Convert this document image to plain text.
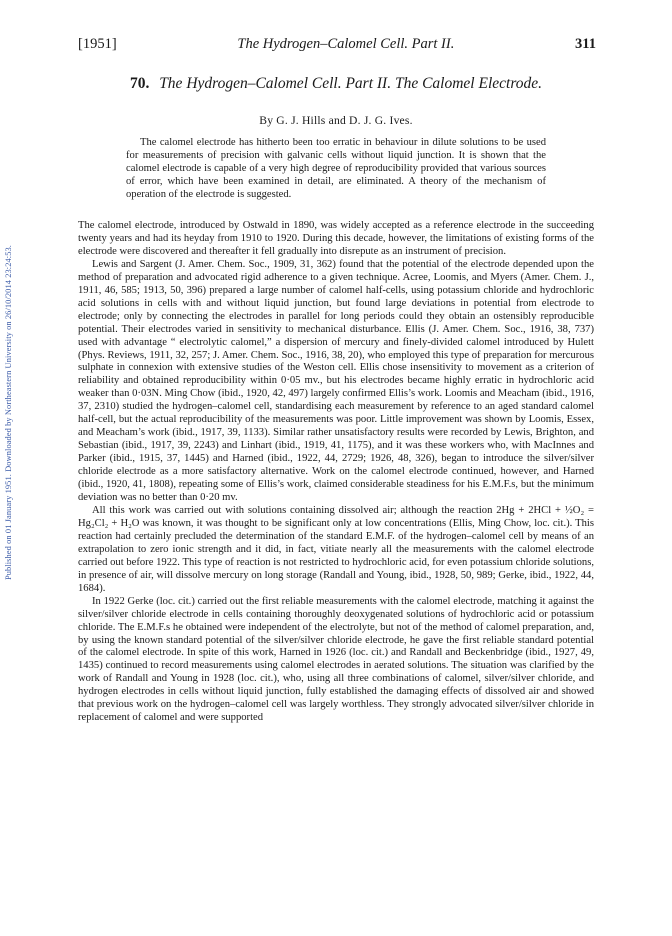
Published on 01 January 1951. Downloaded by Northeastern University on 26/10/2014 23:24:53.
[1951]	The Hydrogen–Calomel Cell. Part II.	311
70. The Hydrogen–Calomel Cell. Part II. The Calomel Electrode.
By G. J. Hills and D. J. G. Ives.

The calomel electrode has hitherto been too erratic in behaviour in dilute solutions to be used for measurements of precision with galvanic cells without liquid junction. It is shown that the calomel electrode is capable of a very high degree of reproducibility provided that various sources of error, which have been examined in detail, are eliminated. A theory of the mechanism of operation of the electrode is suggested.

The calomel electrode, introduced by Ostwald in 1890, was widely accepted as a reference electrode in the succeeding twenty years and had its heyday from 1910 to 1920. During this decade, however, the limitations of existing forms of the electrode were discovered and thereafter it fell gradually into disrepute as an instrument of precision.

Lewis and Sargent (J. Amer. Chem. Soc., 1909, 31, 362) found that the potential of the electrode depended upon the method of preparation and advocated rigid adherence to a given technique. Acree, Loomis, and Myers (Amer. Chem. J., 1911, 46, 585; 1913, 50, 396) prepared a large number of calomel half-cells, using potassium chloride and hydrochloric acid solutions in cells with and without liquid junction, but found large deviations in potential from electrode to electrode; only by connecting the electrodes in parallel for long periods could they obtain an ostensibly reproducible potential. Their electrodes varied in sensitivity to mechanical disturbance. Ellis (J. Amer. Chem. Soc., 1916, 38, 737) used with advantage “ electrolytic calomel,” a dispersion of mercury and finely-divided calomel introduced by Hulett (Phys. Reviews, 1911, 32, 257; J. Amer. Chem. Soc., 1916, 38, 20), who employed this type of preparation for mercurous sulphate in connexion with extensive studies of the Weston cell. Ellis chose insensitivity to movement as a criterion of reliability and obtained reproducibility within 0·05 mv., but his electrodes became highly erratic in hydrochloric acid weaker than 0·03N. Ming Chow (ibid., 1920, 42, 497) largely confirmed Ellis’s work. Loomis and Meacham (ibid., 1916, 37, 2310) studied the hydrogen–calomel cell, standardising each measurement by reference to an aged standard calomel half-cell, but the actual reproducibility of the measurements was poor. Little improvement was shown by Loomis, Essex, and Meacham’s work (ibid., 1917, 39, 1133). Similar rather unsatisfactory results were recorded by Lewis, Brighton, and Sebastian (ibid., 1917, 39, 2243) and Linhart (ibid., 1919, 41, 1175), and it was these workers who, with MacInnes and Parker (ibid., 1915, 37, 1445) and Harned (ibid., 1922, 44, 2729; 1926, 48, 326), began to introduce the silver/silver chloride electrode as a more satisfactory alternative. Work on the calomel electrode continued, however, and Harned (ibid., 1920, 41, 1808), repeating some of Ellis’s work, claimed considerable steadiness for his E.M.F.s, but the minimum deviation was no better than 0·20 mv.

All this work was carried out with solutions containing dissolved air; although the reaction 2Hg + 2HCl + ½O₂ = Hg₂Cl₂ + H₂O was known, it was thought to be significant only at low concentrations (Ellis, Ming Chow, loc. cit.). This reaction had certainly precluded the determination of the standard E.M.F. of the hydrogen–calomel cell by means of an extrapolation to zero ionic strength and it did, in fact, vitiate nearly all the measurements with the calomel electrode carried out before 1922. This type of reaction is not restricted to hydrochloric acid, for even potassium chloride solutions, in presence of air, will dissolve mercury on long storage (Randall and Young, ibid., 1928, 50, 989; Gerke, ibid., 1922, 44, 1684).

In 1922 Gerke (loc. cit.) carried out the first reliable measurements with the calomel electrode, matching it against the silver/silver chloride electrode in cells containing thoroughly deoxygenated solutions of hydrochloric acid or potassium chloride. The E.M.F.s he obtained were independent of the electrolyte, but not of the method of calomel preparation, and, by using the known standard potential of the silver/silver chloride electrode, he gave the first reliable standard potential of the calomel electrode. In spite of this work, Harned in 1926 (loc. cit.) and Randall and Beckenbridge (ibid., 1927, 49, 1435) continued to record measurements using calomel electrodes in aerated solutions. The situation was clarified by the work of Randall and Young in 1928 (loc. cit.), who, using all three combinations of calomel, silver/silver chloride, and hydrogen electrodes in cells without liquid junction, fully established the damaging effects of dissolved air and showed that previous work on the hydrogen–calomel cell was largely worthless. They strongly advocated silver/silver chloride in replacement of calomel and were supported
